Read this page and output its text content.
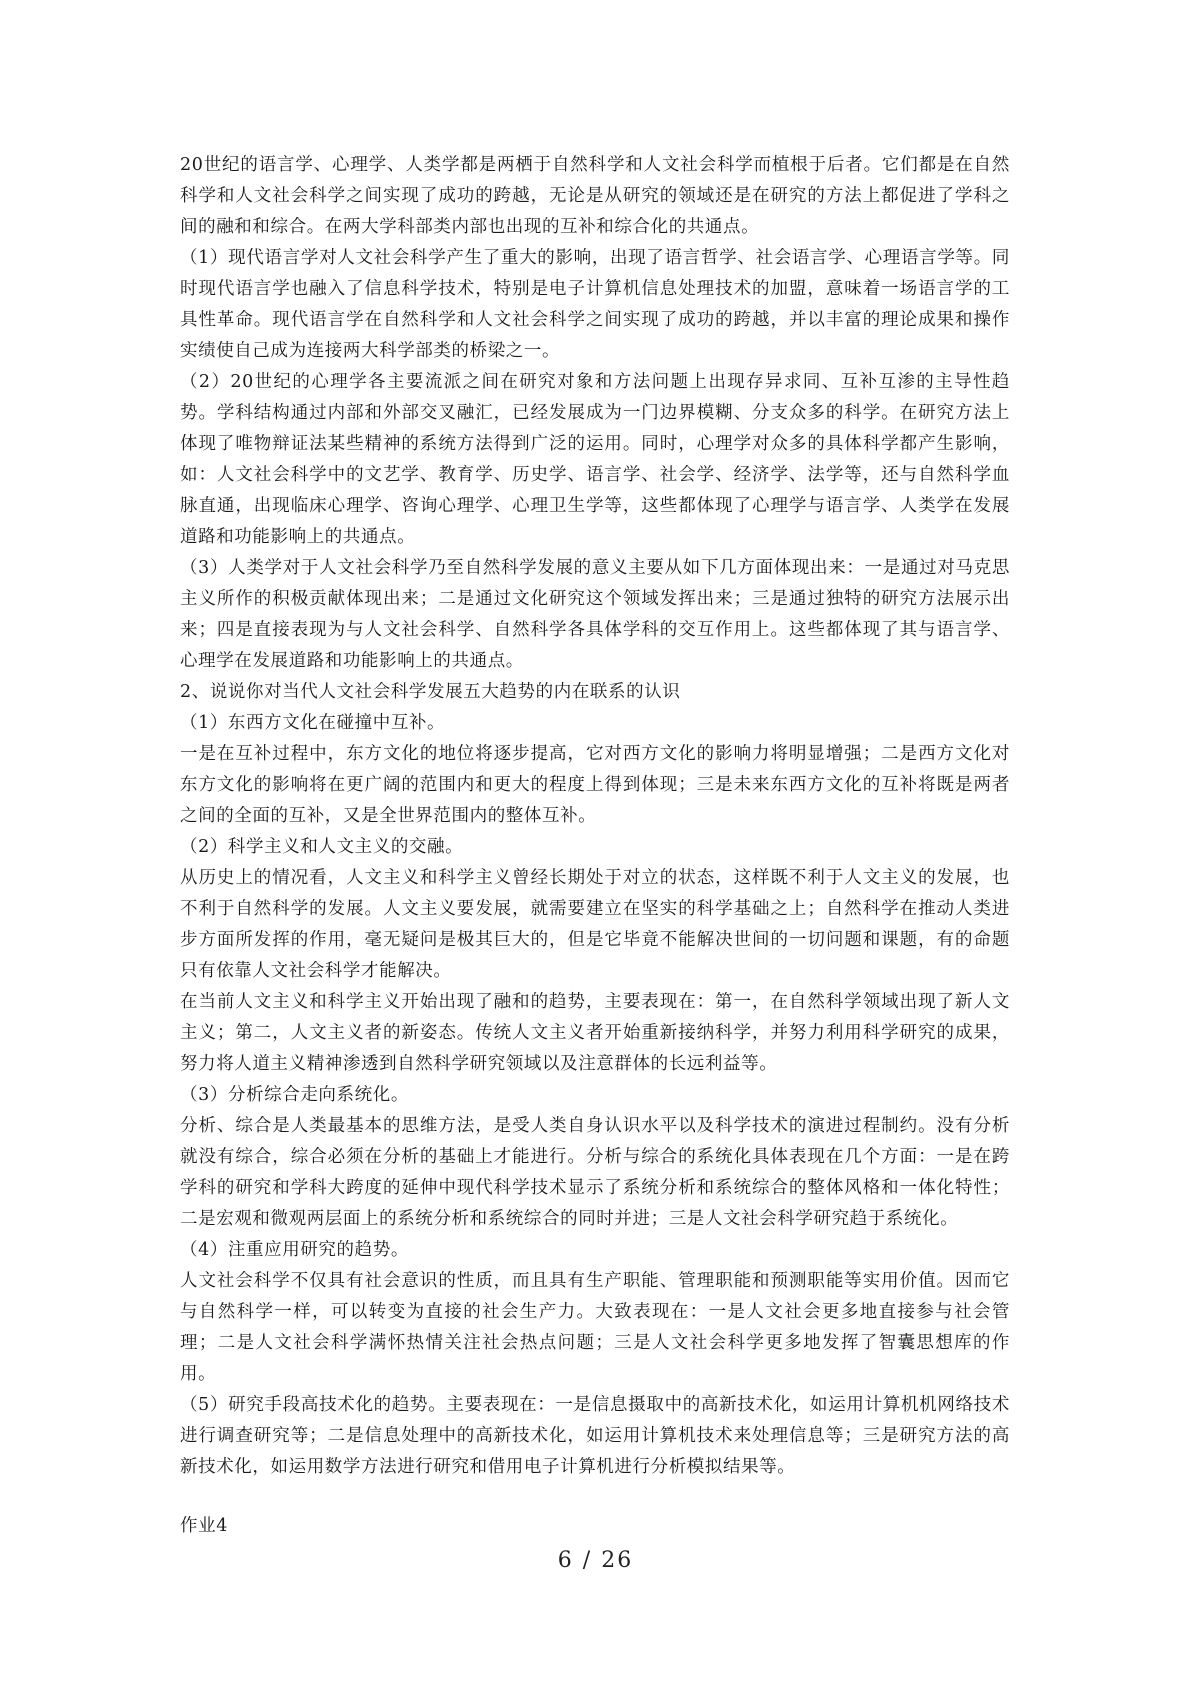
20世纪的语言学、心理学、人类学都是两栖于自然科学和人文社会科学而植根于后者。它们都是在自然科学和人文社会科学之间实现了成功的跨越，无论是从研究的领域还是在研究的方法上都促进了学科之间的融和和综合。在两大学科部类内部也出现的互补和综合化的共通点。

（1）现代语言学对人文社会科学产生了重大的影响，出现了语言哲学、社会语言学、心理语言学等。同时现代语言学也融入了信息科学技术，特别是电子计算机信息处理技术的加盟，意味着一场语言学的工具性革命。现代语言学在自然科学和人文社会科学之间实现了成功的跨越，并以丰富的理论成果和操作实绩使自己成为连接两大科学部类的桥梁之一。

（2）20世纪的心理学各主要流派之间在研究对象和方法问题上出现存异求同、互补互渗的主导性趋势。学科结构通过内部和外部交叉融汇，已经发展成为一门边界模糊、分支众多的科学。在研究方法上体现了唯物辩证法某些精神的系统方法得到广泛的运用。同时，心理学对众多的具体科学都产生影响，如：人文社会科学中的文艺学、教育学、历史学、语言学、社会学、经济学、法学等，还与自然科学血脉直通，出现临床心理学、咨询心理学、心理卫生学等，这些都体现了心理学与语言学、人类学在发展道路和功能影响上的共通点。

（3）人类学对于人文社会科学乃至自然科学发展的意义主要从如下几方面体现出来：一是通过对马克思主义所作的积极贡献体现出来；二是通过文化研究这个领域发挥出来；三是通过独特的研究方法展示出来；四是直接表现为与人文社会科学、自然科学各具体学科的交互作用上。这些都体现了其与语言学、心理学在发展道路和功能影响上的共通点。

2、说说你对当代人文社会科学发展五大趋势的内在联系的认识

（1）东西方文化在碰撞中互补。

一是在互补过程中，东方文化的地位将逐步提高，它对西方文化的影响力将明显增强；二是西方文化对东方文化的影响将在更广阔的范围内和更大的程度上得到体现；三是未来东西方文化的互补将既是两者之间的全面的互补，又是全世界范围内的整体互补。

（2）科学主义和人文主义的交融。

从历史上的情况看，人文主义和科学主义曾经长期处于对立的状态，这样既不利于人文主义的发展，也不利于自然科学的发展。人文主义要发展，就需要建立在坚实的科学基础之上；自然科学在推动人类进步方面所发挥的作用，毫无疑问是极其巨大的，但是它毕竟不能解决世间的一切问题和课题，有的命题只有依靠人文社会科学才能解决。

在当前人文主义和科学主义开始出现了融和的趋势，主要表现在：第一，在自然科学领域出现了新人文主义；第二，人文主义者的新姿态。传统人文主义者开始重新接纳科学，并努力利用科学研究的成果，努力将人道主义精神渗透到自然科学研究领域以及注意群体的长远利益等。

（3）分析综合走向系统化。

分析、综合是人类最基本的思维方法，是受人类自身认识水平以及科学技术的演进过程制约。没有分析就没有综合，综合必须在分析的基础上才能进行。分析与综合的系统化具体表现在几个方面：一是在跨学科的研究和学科大跨度的延伸中现代科学技术显示了系统分析和系统综合的整体风格和一体化特性；二是宏观和微观两层面上的系统分析和系统综合的同时并进；三是人文社会科学研究趋于系统化。

（4）注重应用研究的趋势。

人文社会科学不仅具有社会意识的性质，而且具有生产职能、管理职能和预测职能等实用价值。因而它与自然科学一样，可以转变为直接的社会生产力。大致表现在：一是人文社会更多地直接参与社会管理；二是人文社会科学满怀热情关注社会热点问题；三是人文社会科学更多地发挥了智囊思想库的作用。

（5）研究手段高技术化的趋势。主要表现在：一是信息摄取中的高新技术化，如运用计算机机网络技术进行调查研究等；二是信息处理中的高新技术化，如运用计算机技术来处理信息等；三是研究方法的高新技术化，如运用数学方法进行研究和借用电子计算机进行分析模拟结果等。

作业4

6 / 26
